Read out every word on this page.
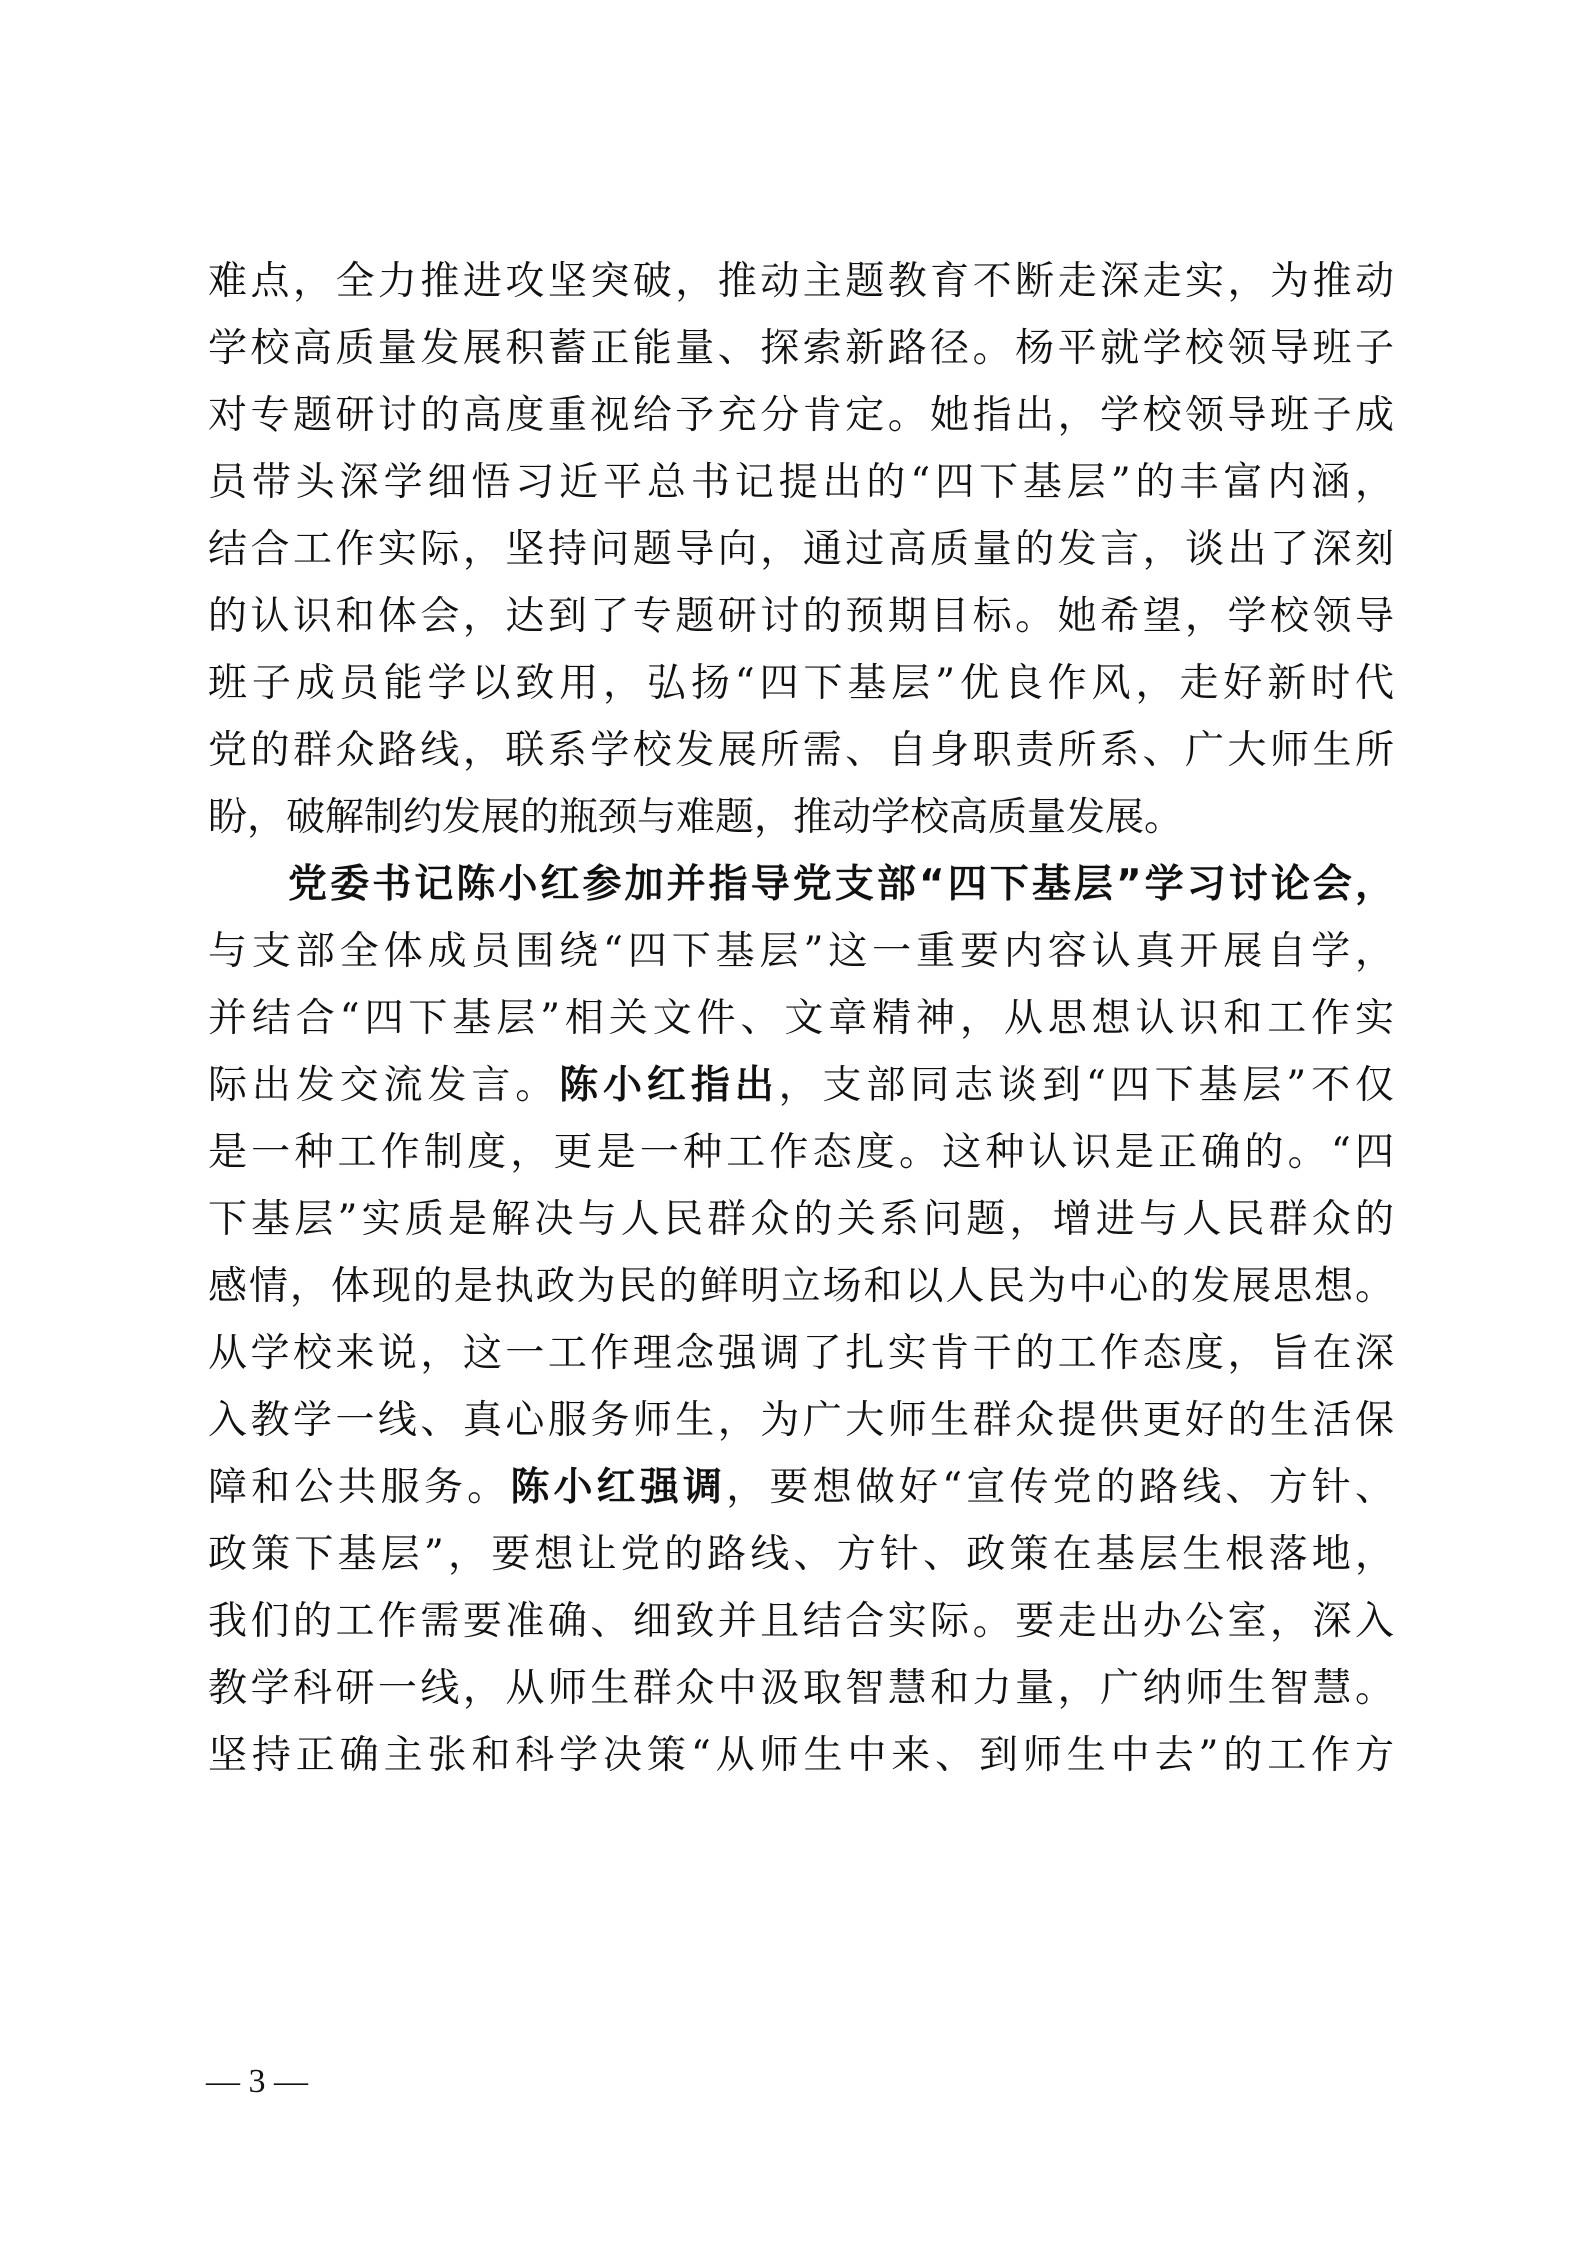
难点，全力推进攻坚突破，推动主题教育不断走深走实，为推动
学校高质量发展积蓄正能量、探索新路径。杨平就学校领导班子
对专题研讨的高度重视给予充分肯定。她指出，学校领导班子成
员带头深学细悟习近平总书记提出的“四下基层”的丰富内涵，
结合工作实际，坚持问题导向，通过高质量的发言，谈出了深刻
的认识和体会，达到了专题研讨的预期目标。她希望，学校领导
班子成员能学以致用，弘扬“四下基层”优良作风，走好新时代
党的群众路线，联系学校发展所需、自身职责所系、广大师生所
盼，破解制约发展的瓶颈与难题，推动学校高质量发展。
党委书记陈小红参加并指导党支部“四下基层”学习讨论会，
与支部全体成员围绕“四下基层”这一重要内容认真开展自学，
并结合“四下基层”相关文件、文章精神，从思想认识和工作实
际出发交流发言。陈小红指出，支部同志谈到“四下基层”不仅
是一种工作制度，更是一种工作态度。这种认识是正确的。“四
下基层”实质是解决与人民群众的关系问题，增进与人民群众的
感情，体现的是执政为民的鲜明立场和以人民为中心的发展思想。
从学校来说，这一工作理念强调了扎实肯干的工作态度，旨在深
入教学一线、真心服务师生，为广大师生群众提供更好的生活保
障和公共服务。陈小红强调，要想做好“宣传党的路线、方针、
政策下基层”，要想让党的路线、方针、政策在基层生根落地，
我们的工作需要准确、细致并且结合实际。要走出办公室，深入
教学科研一线，从师生群众中汲取智慧和力量，广纳师生智慧。
坚持正确主张和科学决策“从师生中来、到师生中去”的工作方
— 3 —
